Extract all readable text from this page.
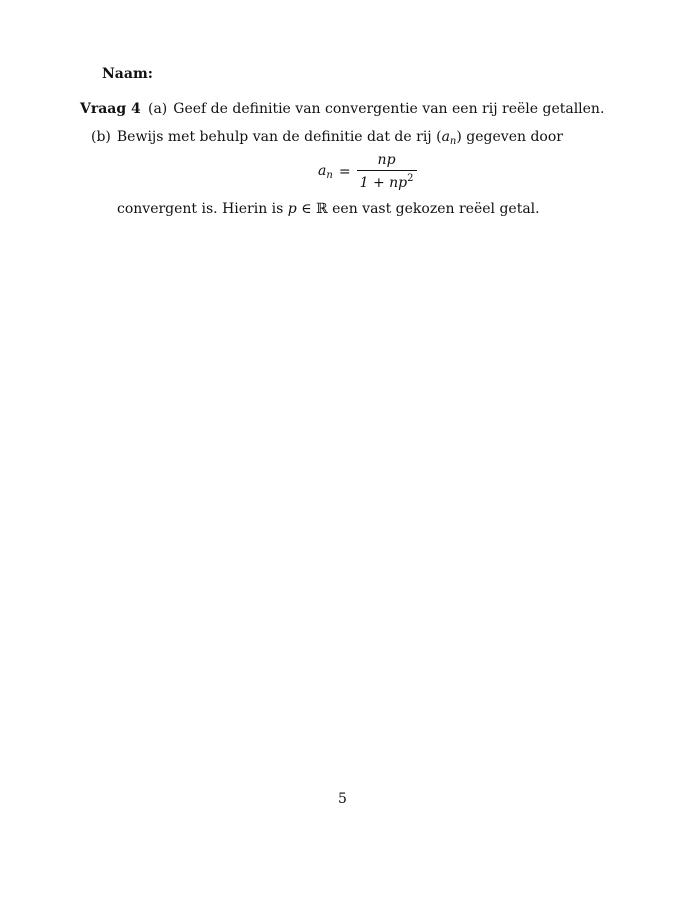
Naam:
Vraag 4 (a) Geef de definitie van convergentie van een rij reële getallen.
(b) Bewijs met behulp van de definitie dat de rij $(a_n)$ gegeven door
$a_n = \frac{np}{1 + np^2}$
convergent is. Hierin is p ∈ ℝ een vast gekozen reëel getal.
5
